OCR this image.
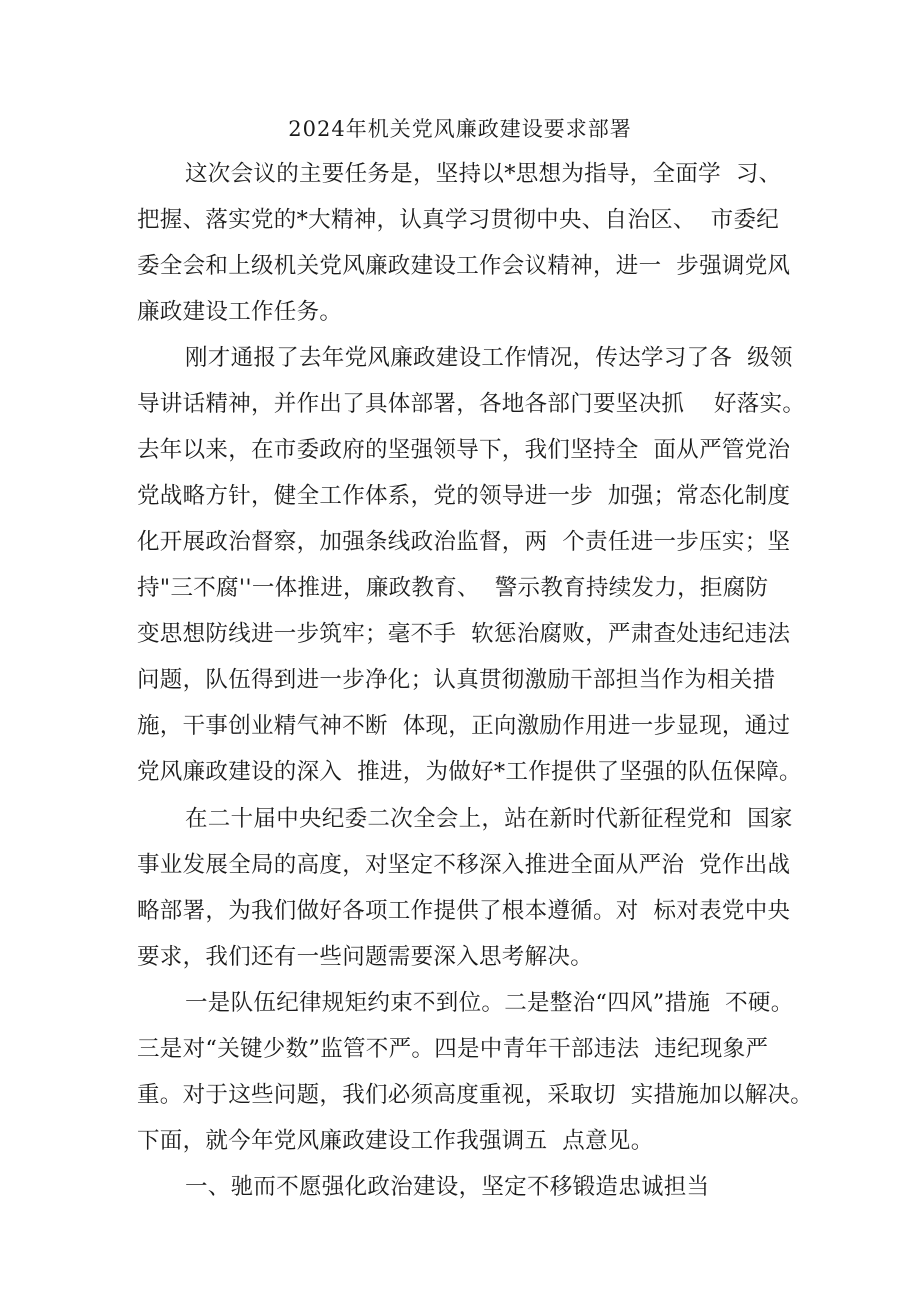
2024年机关党风廉政建设要求部署
这次会议的主要任务是，坚持以*思想为指导，全面学  习、
把握、落实党的*大精神，认真学习贯彻中央、自治区、  市委纪
委全会和上级机关党风廉政建设工作会议精神，进一  步强调党风
廉政建设工作任务。
刚才通报了去年党风廉政建设工作情况，传达学习了各  级领
导讲话精神，并作出了具体部署，各地各部门要坚决抓    好落实。
去年以来，在市委政府的坚强领导下，我们坚持全  面从严管党治
党战略方针，健全工作体系，党的领导进一步  加强；常态化制度
化开展政治督察，加强条线政治监督，两  个责任进一步压实；坚
持"三不腐''一体推进，廉政教育、  警示教育持续发力，拒腐防
变思想防线进一步筑牢；毫不手  软惩治腐败，严肃查处违纪违法
问题，队伍得到进一步净化；认真贯彻激励干部担当作为相关措
施，干事创业精气神不断  体现，正向激励作用进一步显现，通过
党风廉政建设的深入  推进，为做好*工作提供了坚强的队伍保障。
在二十届中央纪委二次全会上，站在新时代新征程党和  国家
事业发展全局的高度，对坚定不移深入推进全面从严治  党作出战
略部署，为我们做好各项工作提供了根本遵循。对  标对表党中央
要求，我们还有一些问题需要深入思考解决。
一是队伍纪律规矩约束不到位。二是整治“四风”措施  不硬。
三是对“关键少数”监管不严。四是中青年干部违法  违纪现象严
重。对于这些问题，我们必须高度重视，采取切  实措施加以解决。
下面，就今年党风廉政建设工作我强调五  点意见。
一、驰而不愿强化政治建设，坚定不移锻造忠诚担当
